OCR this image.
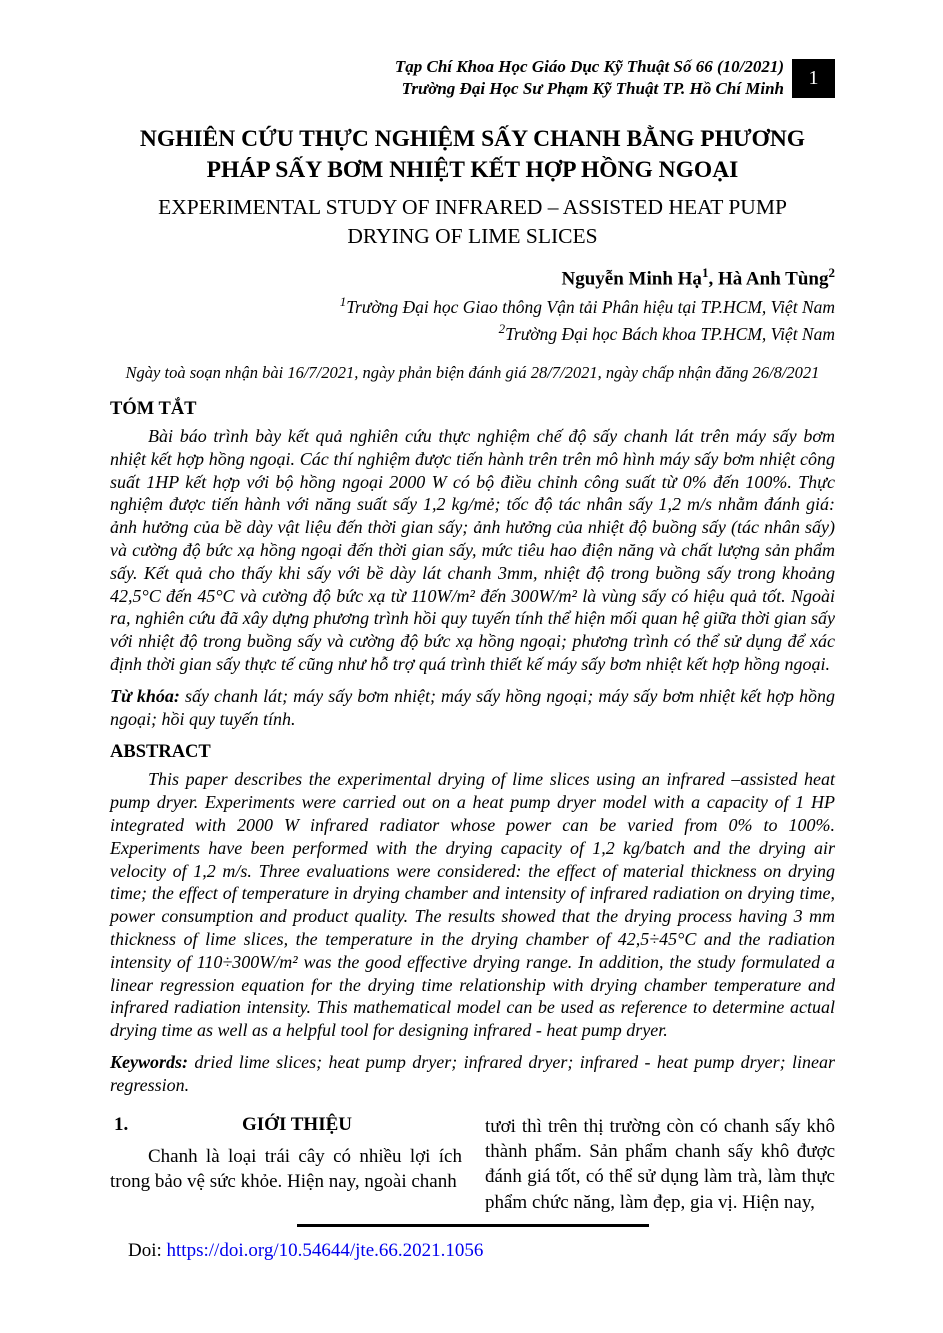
Tạp Chí Khoa Học Giáo Dục Kỹ Thuật Số 66 (10/2021)
Trường Đại Học Sư Phạm Kỹ Thuật TP. Hồ Chí Minh	1
NGHIÊN CỨU THỰC NGHIỆM SẤY CHANH BẰNG PHƯƠNG PHÁP SẤY BƠM NHIỆT KẾT HỢP HỒNG NGOẠI
EXPERIMENTAL STUDY OF INFRARED – ASSISTED HEAT PUMP DRYING OF LIME SLICES
Nguyễn Minh Hạ$^1$, Hà Anh Tùng$^2$
$^1$Trường Đại học Giao thông Vận tải Phân hiệu tại TP.HCM, Việt Nam
$^2$Trường Đại học Bách khoa TP.HCM, Việt Nam
Ngày toà soạn nhận bài 16/7/2021, ngày phản biện đánh giá 28/7/2021, ngày chấp nhận đăng 26/8/2021
TÓM TẮT

Bài báo trình bày kết quả nghiên cứu thực nghiệm chế độ sấy chanh lát trên máy sấy bơm nhiệt kết hợp hồng ngoại. Các thí nghiệm được tiến hành trên trên mô hình máy sấy bơm nhiệt công suất 1HP kết hợp với bộ hồng ngoại 2000 W có bộ điều chỉnh công suất từ 0% đến 100%. Thực nghiệm được tiến hành với năng suất sấy 1,2 kg/mẻ; tốc độ tác nhân sấy 1,2 m/s nhằm đánh giá: ảnh hưởng của bề dày vật liệu đến thời gian sấy; ảnh hưởng của nhiệt độ buồng sấy (tác nhân sấy) và cường độ bức xạ hồng ngoại đến thời gian sấy, mức tiêu hao điện năng và chất lượng sản phẩm sấy. Kết quả cho thấy khi sấy với bề dày lát chanh 3mm, nhiệt độ trong buồng sấy trong khoảng 42,5°C đến 45°C và cường độ bức xạ từ 110W/m² đến 300W/m² là vùng sấy có hiệu quả tốt. Ngoài ra, nghiên cứu đã xây dựng phương trình hồi quy tuyến tính thể hiện mối quan hệ giữa thời gian sấy với nhiệt độ trong buồng sấy và cường độ bức xạ hồng ngoại; phương trình có thể sử dụng để xác định thời gian sấy thực tế cũng như hỗ trợ quá trình thiết kế máy sấy bơm nhiệt kết hợp hồng ngoại.

Từ khóa: sấy chanh lát; máy sấy bơm nhiệt; máy sấy hồng ngoại; máy sấy bơm nhiệt kết hợp hồng ngoại; hồi quy tuyến tính.

ABSTRACT

This paper describes the experimental drying of lime slices using an infrared –assisted heat pump dryer. Experiments were carried out on a heat pump dryer model with a capacity of 1 HP integrated with 2000 W infrared radiator whose power can be varied from 0% to 100%. Experiments have been performed with the drying capacity of 1,2 kg/batch and the drying air velocity of 1,2 m/s. Three evaluations were considered: the effect of material thickness on drying time; the effect of temperature in drying chamber and intensity of infrared radiation on drying time, power consumption and product quality. The results showed that the drying process having 3 mm thickness of lime slices, the temperature in the drying chamber of 42,5÷45°C and the radiation intensity of 110÷300W/m² was the good effective drying range. In addition, the study formulated a linear regression equation for the drying time relationship with drying chamber temperature and infrared radiation intensity. This mathematical model can be used as reference to determine actual drying time as well as a helpful tool for designing infrared - heat pump dryer.

Keywords: dried lime slices; heat pump dryer; infrared dryer; infrared - heat pump dryer; linear regression.

1.	GIỚI THIỆU

Chanh là loại trái cây có nhiều lợi ích trong bảo vệ sức khỏe. Hiện nay, ngoài chanh

tươi thì trên thị trường còn có chanh sấy khô thành phẩm. Sản phẩm chanh sấy khô được đánh giá tốt, có thể sử dụng làm trà, làm thực phẩm chức năng, làm đẹp, gia vị. Hiện nay,

Doi: https://doi.org/10.54644/jte.66.2021.1056
